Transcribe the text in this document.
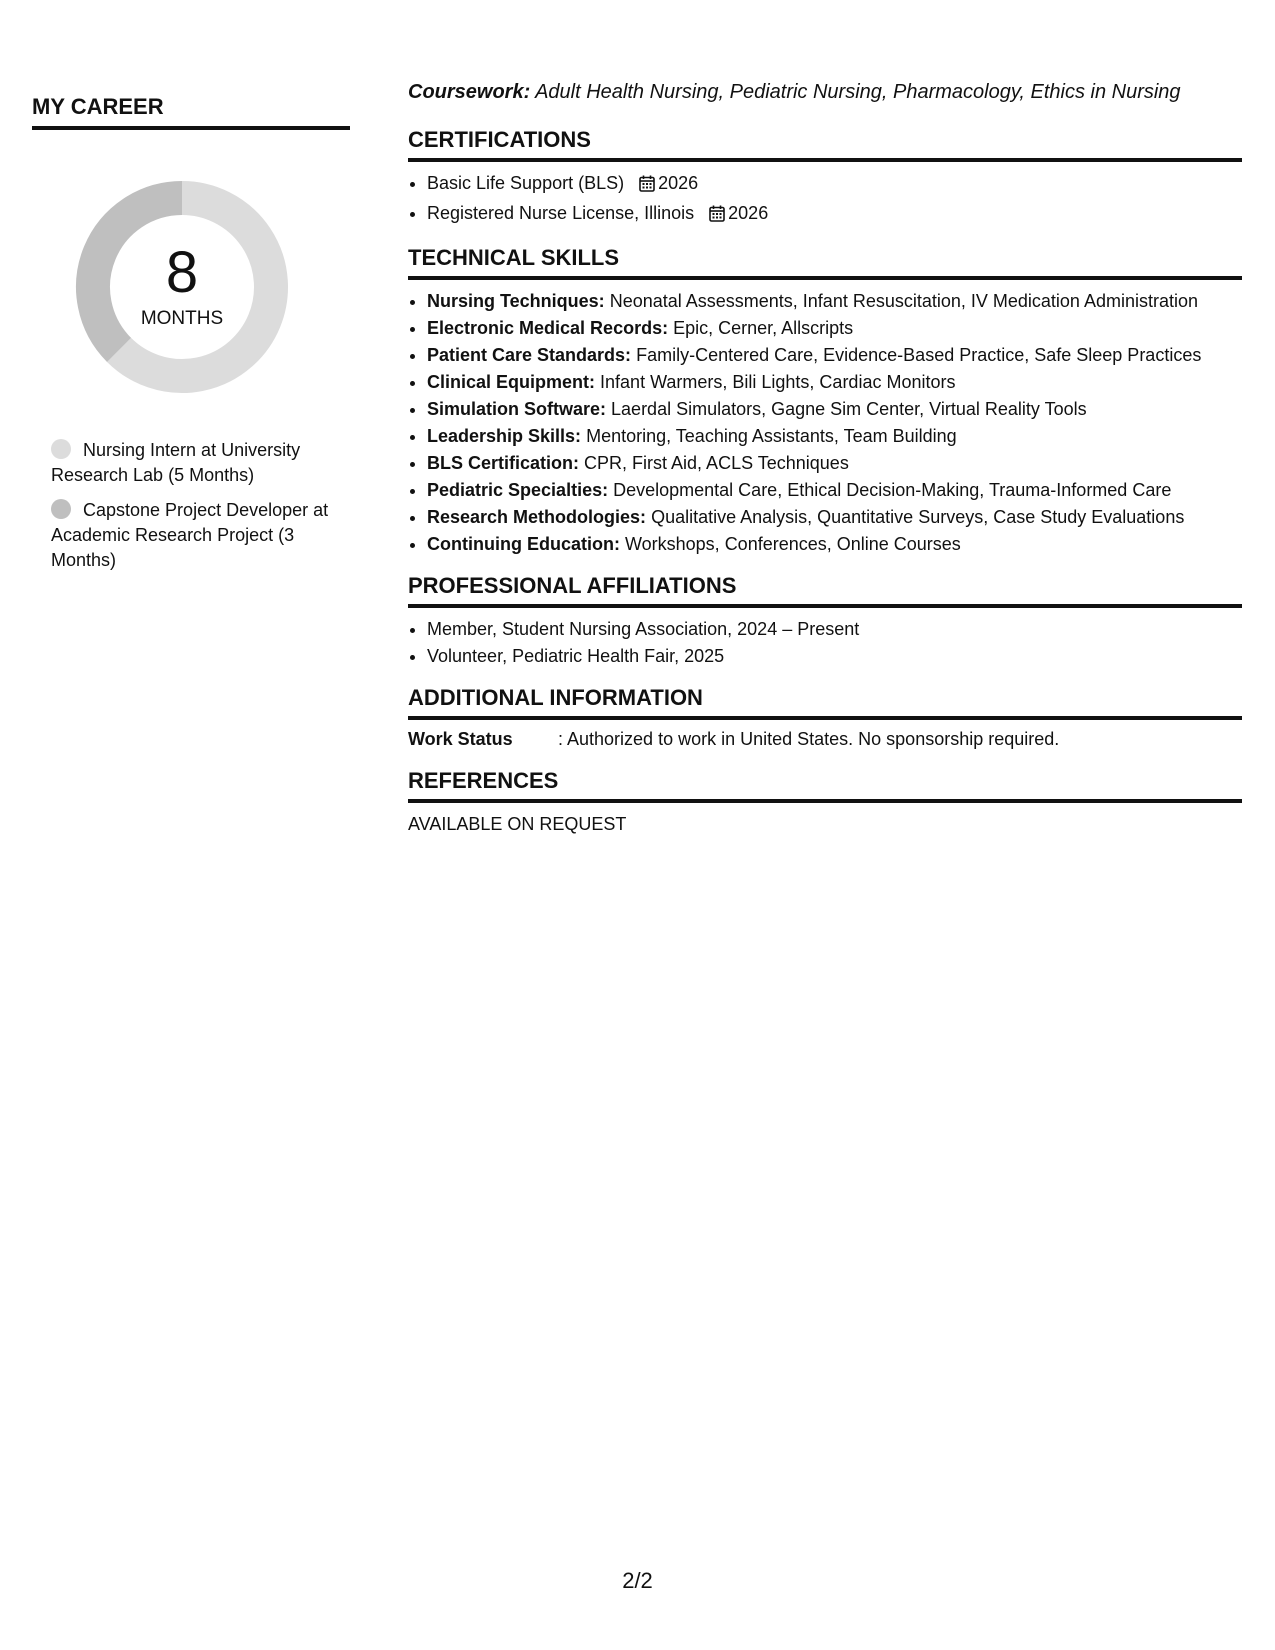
MY CAREER
8
MONTHS
Nursing Intern at University Research Lab (5 Months)
Capstone Project Developer at Academic Research Project (3 Months)

Coursework: Adult Health Nursing, Pediatric Nursing, Pharmacology, Ethics in Nursing

CERTIFICATIONS
• Basic Life Support (BLS) 2026
• Registered Nurse License, Illinois 2026
TECHNICAL SKILLS
• Nursing Techniques: Neonatal Assessments, Infant Resuscitation, IV Medication Administration
• Electronic Medical Records: Epic, Cerner, Allscripts
• Patient Care Standards: Family-Centered Care, Evidence-Based Practice, Safe Sleep Practices
• Clinical Equipment: Infant Warmers, Bili Lights, Cardiac Monitors
• Simulation Software: Laerdal Simulators, Gagne Sim Center, Virtual Reality Tools
• Leadership Skills: Mentoring, Teaching Assistants, Team Building
• BLS Certification: CPR, First Aid, ACLS Techniques
• Pediatric Specialties: Developmental Care, Ethical Decision-Making, Trauma-Informed Care
• Research Methodologies: Qualitative Analysis, Quantitative Surveys, Case Study Evaluations
• Continuing Education: Workshops, Conferences, Online Courses
PROFESSIONAL AFFILIATIONS
• Member, Student Nursing Association, 2024 – Present
• Volunteer, Pediatric Health Fair, 2025
ADDITIONAL INFORMATION
Work Status	: Authorized to work in United States. No sponsorship required.
REFERENCES
AVAILABLE ON REQUEST
2/2
